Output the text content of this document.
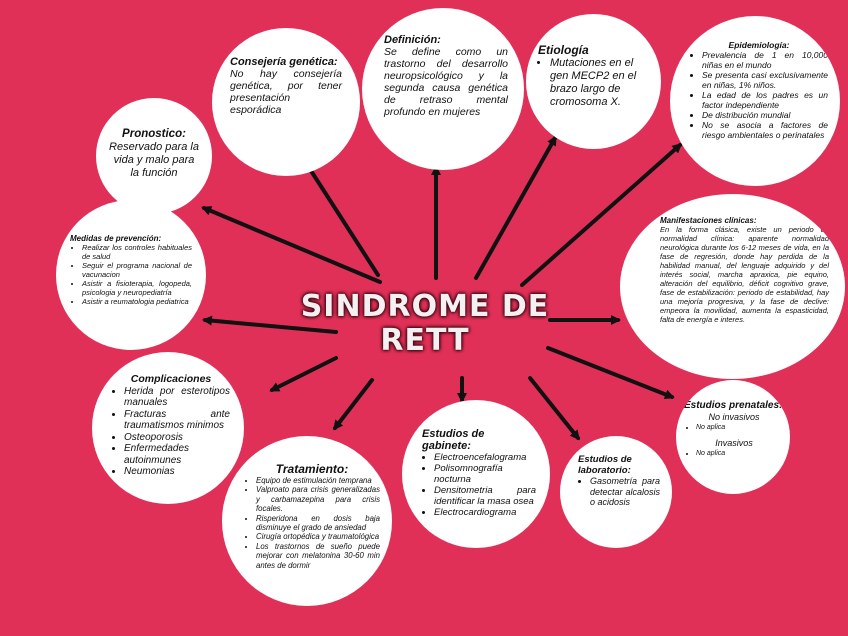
SINDROME DE
RETT
Consejería genética:

No hay consejería genética, por tener presentación esporádica

Definición:

Se define como un trastorno del desarrollo neuropsicológico y la segunda causa genética de retraso mental profundo en mujeres

Etiología
• Mutaciones en el gen MECP2 en el brazo largo de cromosoma X.
Epidemiología:
• Prevalencia de 1 en 10,000 niñas en el mundo
• Se presenta casi exclusivamente en niñas, 1% niños.
• La edad de los padres es un factor independiente
• De distribución mundial
• No se asocia a factores de riesgo ambientales o perinatales
Pronostico:

Reservado para la vida y malo para la función

Medidas de prevención:
• Realizar los controles habituales de salud
• Seguir el programa nacional de vacunacion
• Asistir a fisioterapia, logopeda, psicologia y neuropediatría
• Asistir a reumatologia pediatrica
Manifestaciones clínicas:

En la forma clásica, existe un periodo de normalidad clínica: aparente normalidad neurológica durante los 6-12 meses de vida, en la fase de regresión, donde hay perdida de la habilidad manual, del lenguaje adquirido y del interés social, marcha apraxica, pie equino, alteración del equilibrio, déficit cognitivo grave, fase de estabilización: periodo de estabilidad, hay una mejoría progresiva, y la fase de declive: empeora la movilidad, aumenta la espasticidad, falta de energía e interes.

Complicaciones
• Herida por esterotipos manuales
• Fracturas ante traumatismos minimos
• Osteoporosis
• Enfermedades autoinmunes
• Neumonias	Tratamiento:
• Equipo de estimulación temprana
• Valproato para crisis generalizadas y carbamazepina para crisis focales.
• Risperidona en dosis baja disminuye el grado de ansiedad
• Cirugía ortopédica y traumatológica
• Los trastornos de sueño puede mejorar con melatonina 30-60 min antes de dormir
Estudios de gabinete:
• Electroencefalograma
• Polisomnografía nocturna
• Densitometria para identificar la masa osea
• Electrocardiograma
Estudios de laboratorio:
• Gasometría para detectar alcalosis o acidosis
Estudios prenatales:
No invasivos
• No aplica
Invasivos
• No aplica
